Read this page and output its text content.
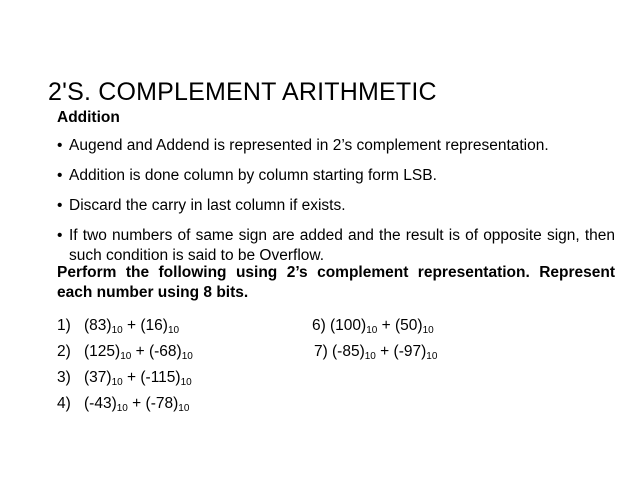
2'S. COMPLEMENT ARITHMETIC

Addition

• Augend and Addend is represented in 2’s complement representation.
• Addition is done column by column starting form LSB.
• Discard the carry in last column if exists.
• If two numbers of same sign are added and the result is of opposite sign, then such condition is said to be Overflow.

Perform the following using 2’s complement representation. Represent each number using 8 bits.

1) $(83)_{10} + (16)_{10}$
2) $(125)_{10} + (-68)_{10}$
3) $(37)_{10} + (-115)_{10}$
4) $(-43)_{10} + (-78)_{10}$
6) $(100)_{10} + (50)_{10}$
7) $(-85)_{10} + (-97)_{10}$
